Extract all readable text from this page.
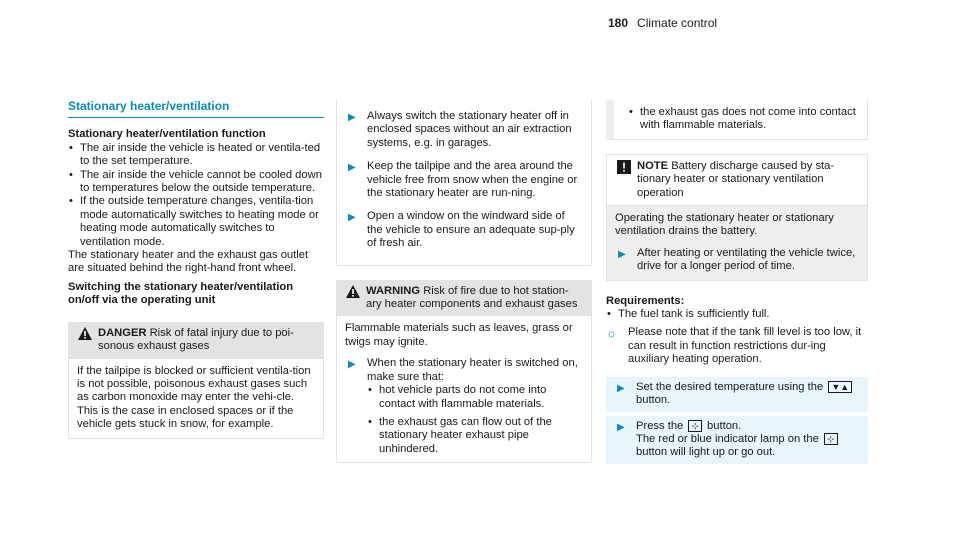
180 Climate control
Stationary heater/ventilation

Stationary heater/ventilation function

• The air inside the vehicle is heated or ventila-ted to the set temperature.
• The air inside the vehicle cannot be cooled down to temperatures below the outside temperature.
• If the outside temperature changes, ventila-tion mode automatically switches to heating mode or heating mode automatically switches to ventilation mode.

The stationary heater and the exhaust gas outlet are situated behind the right-hand front wheel.

Switching the stationary heater/ventilation on/off via the operating unit

DANGER Risk of fatal injury due to poi-sonous exhaust gases
If the tailpipe is blocked or sufficient ventila-tion is not possible, poisonous exhaust gases such as carbon monoxide may enter the vehi-cle. This is the case in enclosed spaces or if the vehicle gets stuck in snow, for example.
▶ Always switch the stationary heater off in enclosed spaces without an air extraction systems, e.g. in garages.
▶ Keep the tailpipe and the area around the vehicle free from snow when the engine or the stationary heater are run-ning.
▶ Open a window on the windward side of the vehicle to ensure an adequate sup-ply of fresh air.
WARNING Risk of fire due to hot station-ary heater components and exhaust gases

Flammable materials such as leaves, grass or twigs may ignite.

▶ When the stationary heater is switched on, make sure that:
• hot vehicle parts do not come into contact with flammable materials.
• the exhaust gas can flow out of the stationary heater exhaust pipe unhindered.
• the exhaust gas does not come into contact with flammable materials.
NOTE Battery discharge caused by sta-tionary heater or stationary ventilation operation

Operating the stationary heater or stationary ventilation drains the battery.

▶ After heating or ventilating the vehicle twice, drive for a longer period of time.

Requirements:

• The fuel tank is sufficiently full.
☼ Please note that if the tank fill level is too low, it can result in function restrictions dur-ing auxiliary heating operation.
▶ Set the desired temperature using the ▼▲
button.
▶ Press the ⊹ button.
The red or blue indicator lamp on the ⊹
button will light up or go out.
